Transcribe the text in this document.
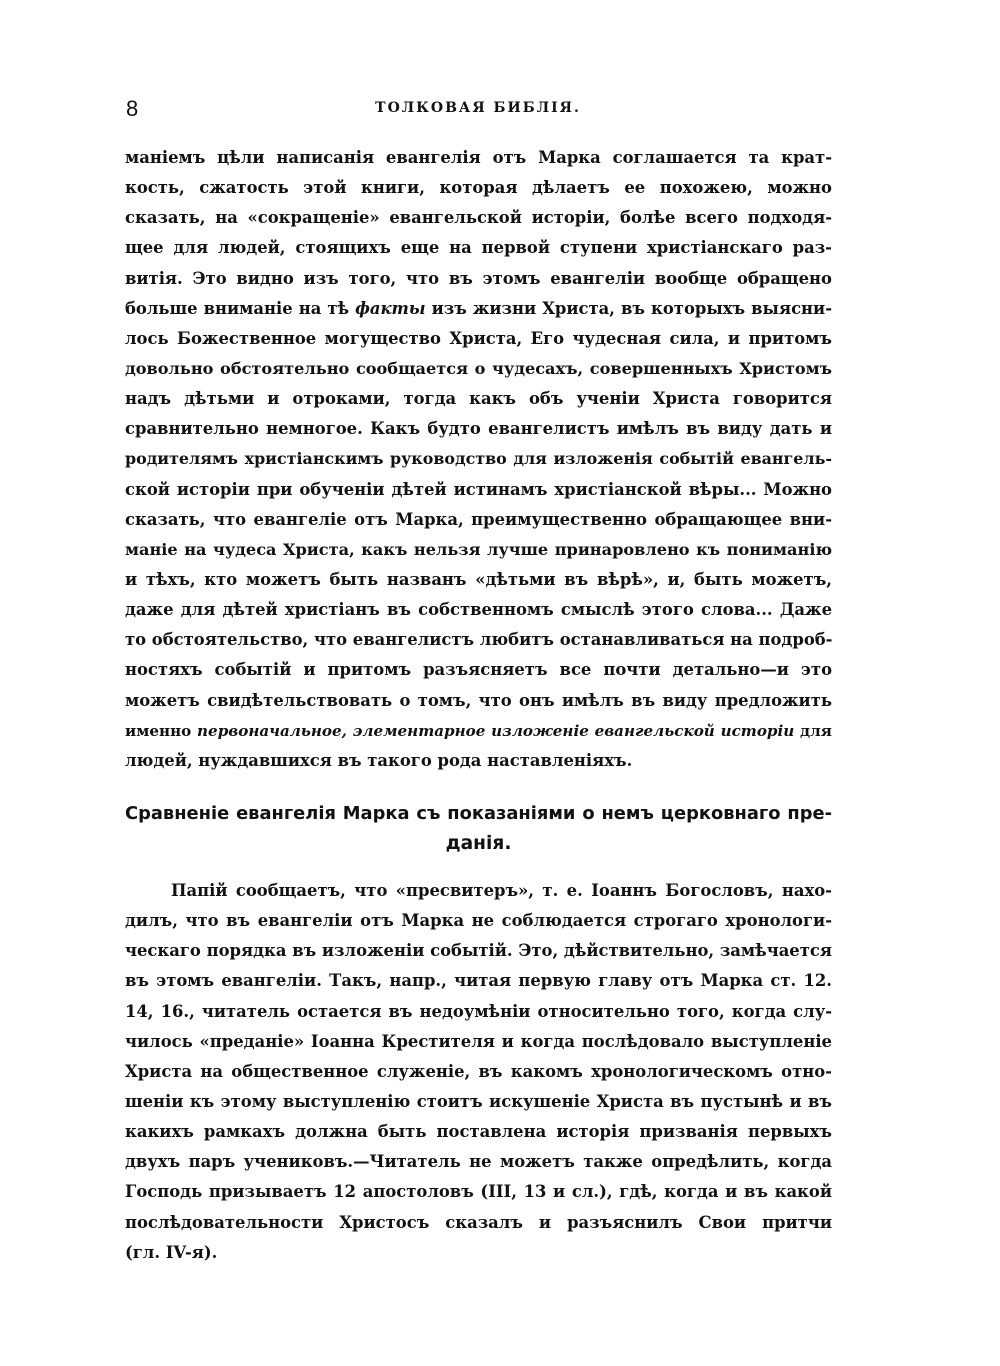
8	ТОЛКОВАЯ БИБЛІЯ.
маніемъ цѣли написанія евангелія отъ Марка соглашается та крат-
кость, сжатость этой книги, которая дѣлаетъ ее похожею, можно
сказать, на «сокращеніе» евангельской исторіи, болѣе всего подходя-
щее для людей, стоящихъ еще на первой ступени христіанскаго раз-
витія. Это видно изъ того, что въ этомъ евангеліи вообще обращено
больше вниманіе на тѣ факты изъ жизни Христа, въ которыхъ выясни-
лось Божественное могущество Христа, Его чудесная сила, и притомъ
довольно обстоятельно сообщается о чудесахъ, совершенныхъ Христомъ
надъ дѣтьми и отроками, тогда какъ объ ученіи Христа говорится
сравнительно немногое. Какъ будто евангелистъ имѣлъ въ виду дать и
родителямъ христіанскимъ руководство для изложенія событій евангель-
ской исторіи при обученіи дѣтей истинамъ христіанской вѣры... Можно
сказать, что евангеліе отъ Марка, преимущественно обращающее вни-
маніе на чудеса Христа, какъ нельзя лучше принаровлено къ пониманію
и тѣхъ, кто можетъ быть названъ «дѣтьми въ вѣрѣ», и, быть можетъ,
даже для дѣтей христіанъ въ собственномъ смыслѣ этого слова... Даже
то обстоятельство, что евангелистъ любитъ останавливаться на подроб-
ностяхъ событій и притомъ разъясняетъ все почти детально—и это
можетъ свидѣтельствовать о томъ, что онъ имѣлъ въ виду предложить
именно первоначальное, элементарное изложеніе евангельской исторіи для
людей, нуждавшихся въ такого рода наставленіяхъ.
Сравненіе евангелія Марка съ показаніями о немъ церковнаго пре-
данія.
Папій сообщаетъ, что «пресвитеръ», т. е. Іоаннъ Богословъ, нахо-
дилъ, что въ евангеліи отъ Марка не соблюдается строгаго хронологи-
ческаго порядка въ изложеніи событій. Это, дѣйствительно, замѣчается
въ этомъ евангеліи. Такъ, напр., читая первую главу отъ Марка ст. 12.
14, 16., читатель остается въ недоумѣніи относительно того, когда слу-
чилось «преданіе» Іоанна Крестителя и когда послѣдовало выступленіе
Христа на общественное служеніе, въ какомъ хронологическомъ отно-
шеніи къ этому выступленію стоитъ искушеніе Христа въ пустынѣ и въ
какихъ рамкахъ должна быть поставлена исторія призванія первыхъ
двухъ паръ учениковъ.—Читатель не можетъ также опредѣлить, когда
Господь призываетъ 12 апостоловъ (III, 13 и сл.), гдѣ, когда и въ какой
послѣдовательности Христосъ сказалъ и разъяснилъ Свои притчи
(гл. IV-я).
